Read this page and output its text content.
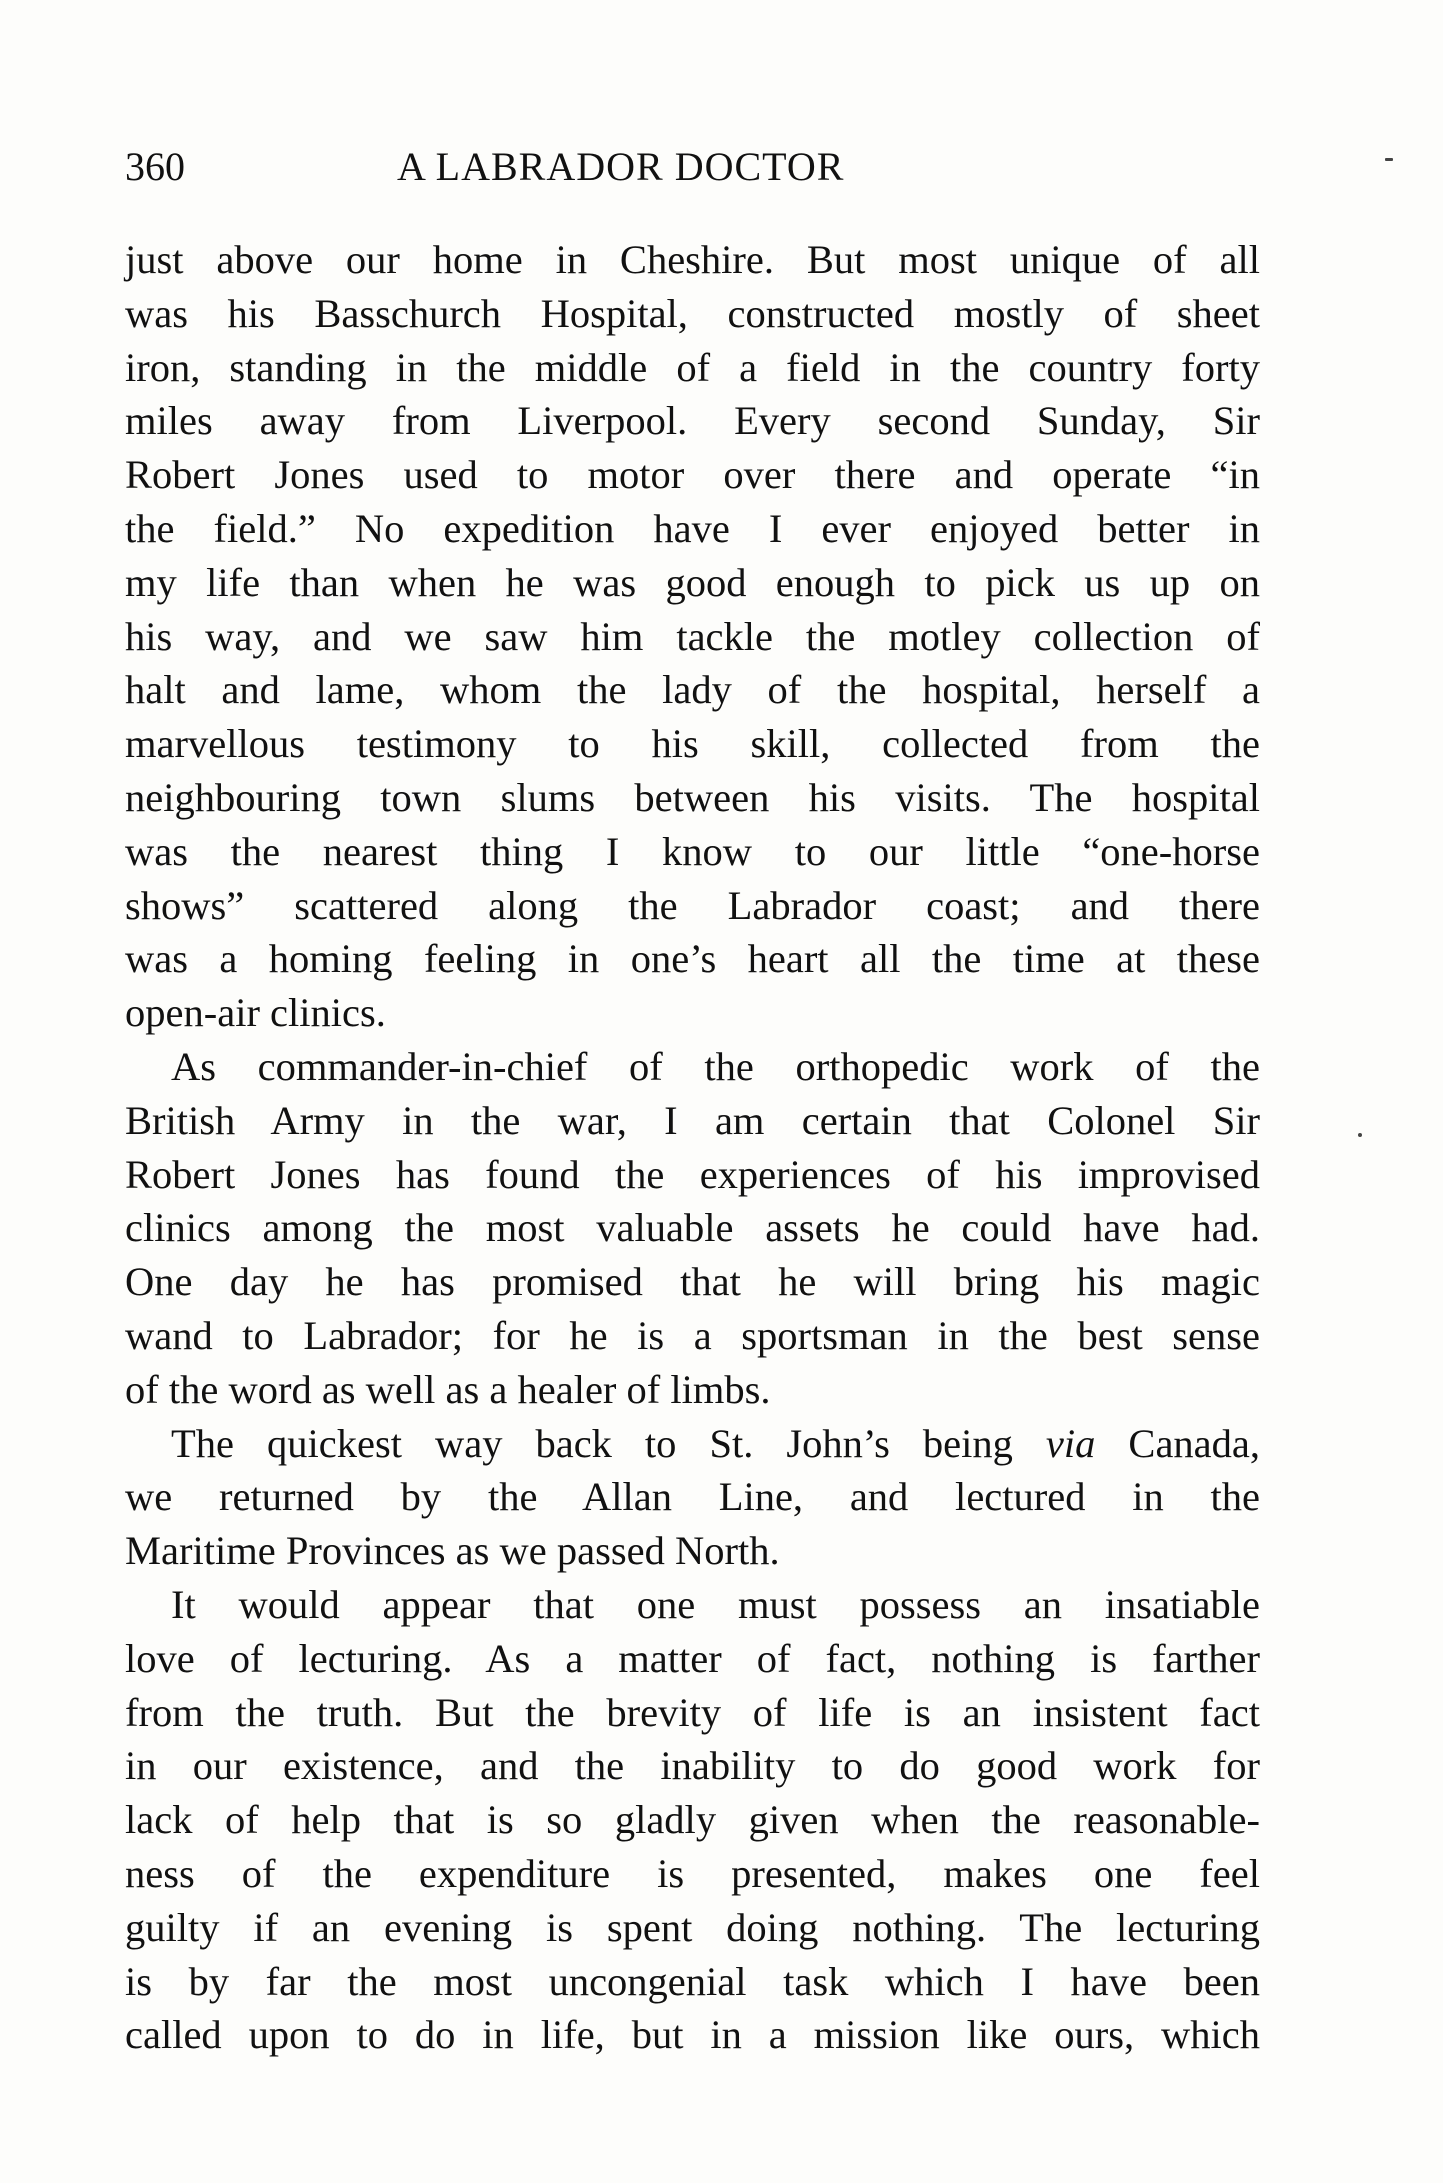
360	A LABRADOR DOCTOR

just above our home in Cheshire. But most unique of all
was his Basschurch Hospital, constructed mostly of sheet
iron, standing in the middle of a field in the country forty
miles away from Liverpool. Every second Sunday, Sir
Robert Jones used to motor over there and operate “in
the field.” No expedition have I ever enjoyed better in
my life than when he was good enough to pick us up on
his way, and we saw him tackle the motley collection of
halt and lame, whom the lady of the hospital, herself a
marvellous testimony to his skill, collected from the
neighbouring town slums between his visits. The hospital
was the nearest thing I know to our little “one-horse
shows” scattered along the Labrador coast; and there
was a homing feeling in one’s heart all the time at these
open-air clinics.

As commander-in-chief of the orthopedic work of the
British Army in the war, I am certain that Colonel Sir
Robert Jones has found the experiences of his improvised
clinics among the most valuable assets he could have had.
One day he has promised that he will bring his magic
wand to Labrador; for he is a sportsman in the best sense
of the word as well as a healer of limbs.

The quickest way back to St. John’s being via Canada,
we returned by the Allan Line, and lectured in the
Maritime Provinces as we passed North.

It would appear that one must possess an insatiable
love of lecturing. As a matter of fact, nothing is farther
from the truth. But the brevity of life is an insistent fact
in our existence, and the inability to do good work for
lack of help that is so gladly given when the reasonable-
ness of the expenditure is presented, makes one feel
guilty if an evening is spent doing nothing. The lecturing
is by far the most uncongenial task which I have been
called upon to do in life, but in a mission like ours, which
